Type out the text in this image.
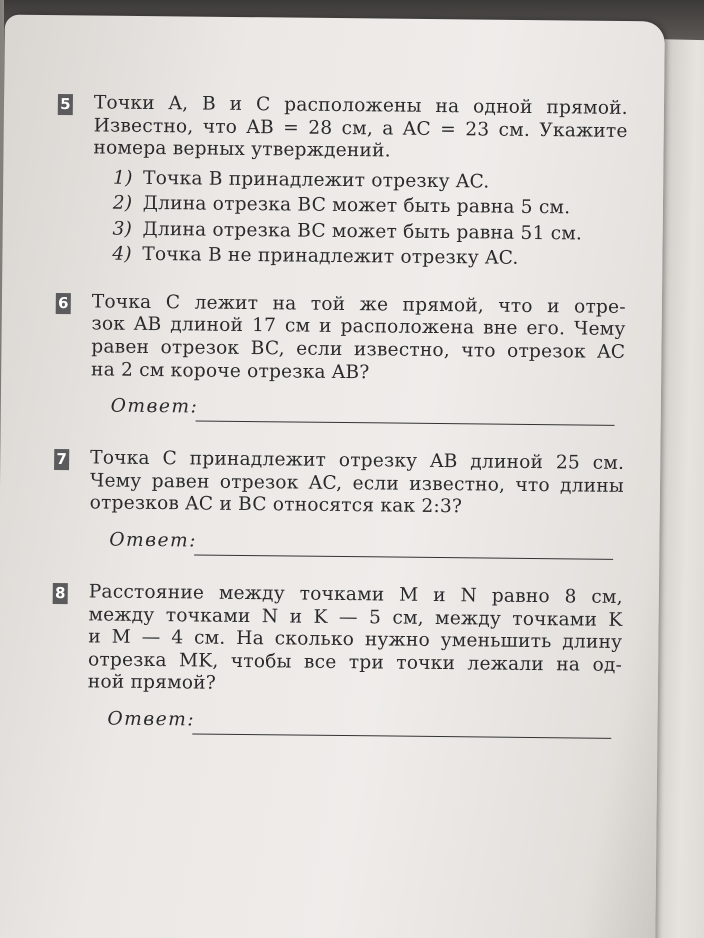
5 Точки A, B и C расположены на одной прямой.
Известно, что AB = 28 см, а AC = 23 см. Укажите
номера верных утверждений.
1) Точка B принадлежит отрезку AC.
2) Длина отрезка BC может быть равна 5 см.
3) Длина отрезка BC может быть равна 51 см.
4) Точка B не принадлежит отрезку AC.
6 Точка C лежит на той же прямой, что и отре-
зок AB длиной 17 см и расположена вне его. Чему
равен отрезок BC, если известно, что отрезок AC
на 2 см короче отрезка AB?
Ответ:
7 Точка C принадлежит отрезку AB длиной 25 см.
Чему равен отрезок AC, если известно, что длины
отрезков AC и BC относятся как 2:3?
Ответ:
8 Расстояние между точками M и N равно 8 см,
между точками N и K — 5 см, между точками K
и M — 4 см. На сколько нужно уменьшить длину
отрезка MK, чтобы все три точки лежали на од-
ной прямой?
Ответ:
